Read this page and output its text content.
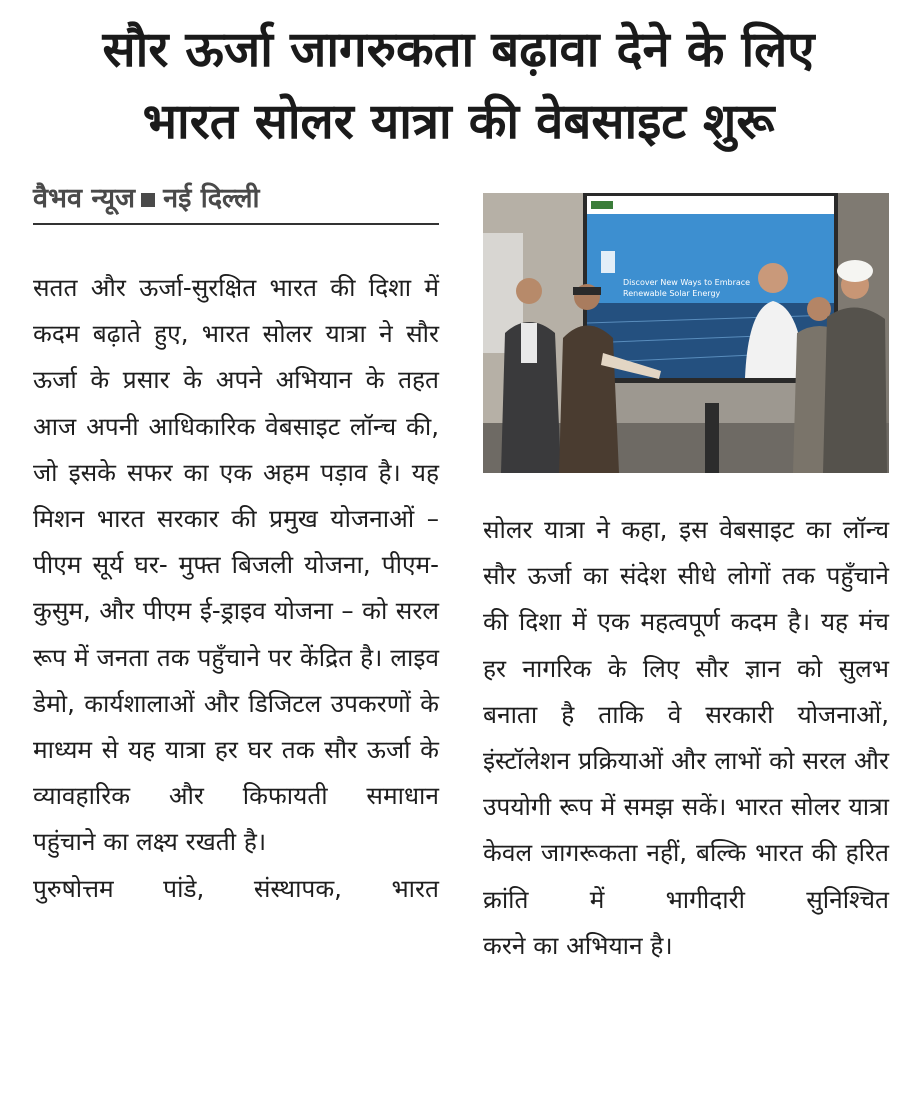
सौर ऊर्जा जागरुकता बढ़ावा देने के लिए
भारत सोलर यात्रा की वेबसाइट शुरू
वैभव न्यूज नई दिल्ली

सतत और ऊर्जा-सुरक्षित भारत की दिशा में कदम बढ़ाते हुए, भारत सोलर यात्रा ने सौर ऊर्जा के प्रसार के अपने अभियान के तहत आज अपनी आधिकारिक वेबसाइट लॉन्च की, जो इसके सफर का एक अहम पड़ाव है। यह मिशन भारत सरकार की प्रमुख योजनाओं – पीएम सूर्य घर- मुफ्त बिजली योजना, पीएम-कुसुम, और पीएम ई-ड्राइव योजना – को सरल रूप में जनता तक पहुँचाने पर केंद्रित है। लाइव डेमो, कार्यशालाओं और डिजिटल उपकरणों के माध्यम से यह यात्रा हर घर तक सौर ऊर्जा के व्यावहारिक और किफायती समाधान

पहुंचाने का लक्ष्य रखती है।

पुरुषोत्तम पांडे, संस्थापक, भारत

Discover New Ways to Embrace
Renewable Solar Energy

सोलर यात्रा ने कहा, इस वेबसाइट का लॉन्च सौर ऊर्जा का संदेश सीधे लोगों तक पहुँचाने की दिशा में एक महत्वपूर्ण कदम है। यह मंच हर नागरिक के लिए सौर ज्ञान को सुलभ बनाता है ताकि वे सरकारी योजनाओं, इंस्टॉलेशन प्रक्रियाओं और लाभों को सरल और उपयोगी रूप में समझ सकें। भारत सोलर यात्रा केवल जागरूकता नहीं, बल्कि भारत की हरित क्रांति में भागीदारी सुनिश्चित

करने का अभियान है।
